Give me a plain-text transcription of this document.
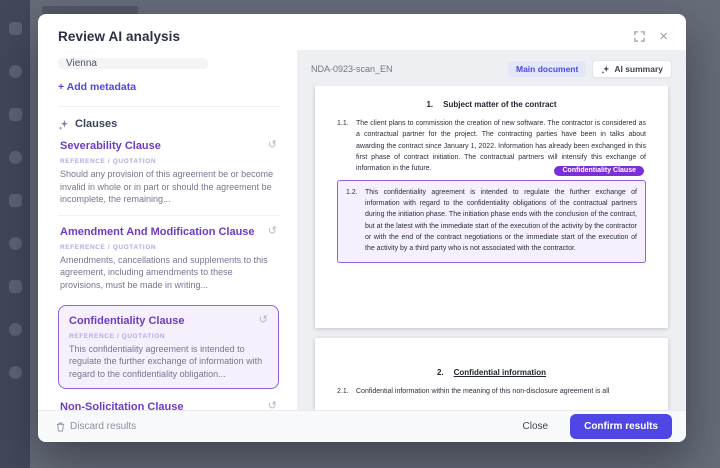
Review AI analysis	×
Vienna
+ Add metadata
Clauses
Severability Clause	↺
REFERENCE / QUOTATION
Should any provision of this agreement be or become invalid in whole or in part or should the agreement be incomplete, the remaining...
Amendment And Modification Clause ↺
REFERENCE / QUOTATION
Amendments, cancellations and supplements to this agreement, including amendments to these provisions, must be made in writing...
Confidentiality Clause	↺
REFERENCE / QUOTATION
This confidentiality agreement is intended to regulate the further exchange of information with regard to the confidentiality obligation...
Non-Solicitation Clause	↺
NDA-0923-scan_EN	Main document	AI summary
1. Subject matter of the contract
1.1. The client plans to commission the creation of new software. The contractor is considered as a contractual partner for the project. The contracting parties have been in talks about awarding the contract since January 1, 2022. Information has already been exchanged in this first phase of contract initiation. The contractual partners will intensify this exchange of information in the future.	Confidentiality Clause
1.2. This confidentiality agreement is intended to regulate the further exchange of information with regard to the confidentiality obligations of the contractual partners during the initiation phase. The initiation phase ends with the conclusion of the contract, but at the latest with the immediate start of the execution of the activity by the contractor or with the end of the contract negotiations or the immediate start of the execution of the activity by a third party who is not associated with the contractor.
2. Confidential information
2.1. Confidential information within the meaning of this non-disclosure agreement is all
Discard results	Close	Confirm results
